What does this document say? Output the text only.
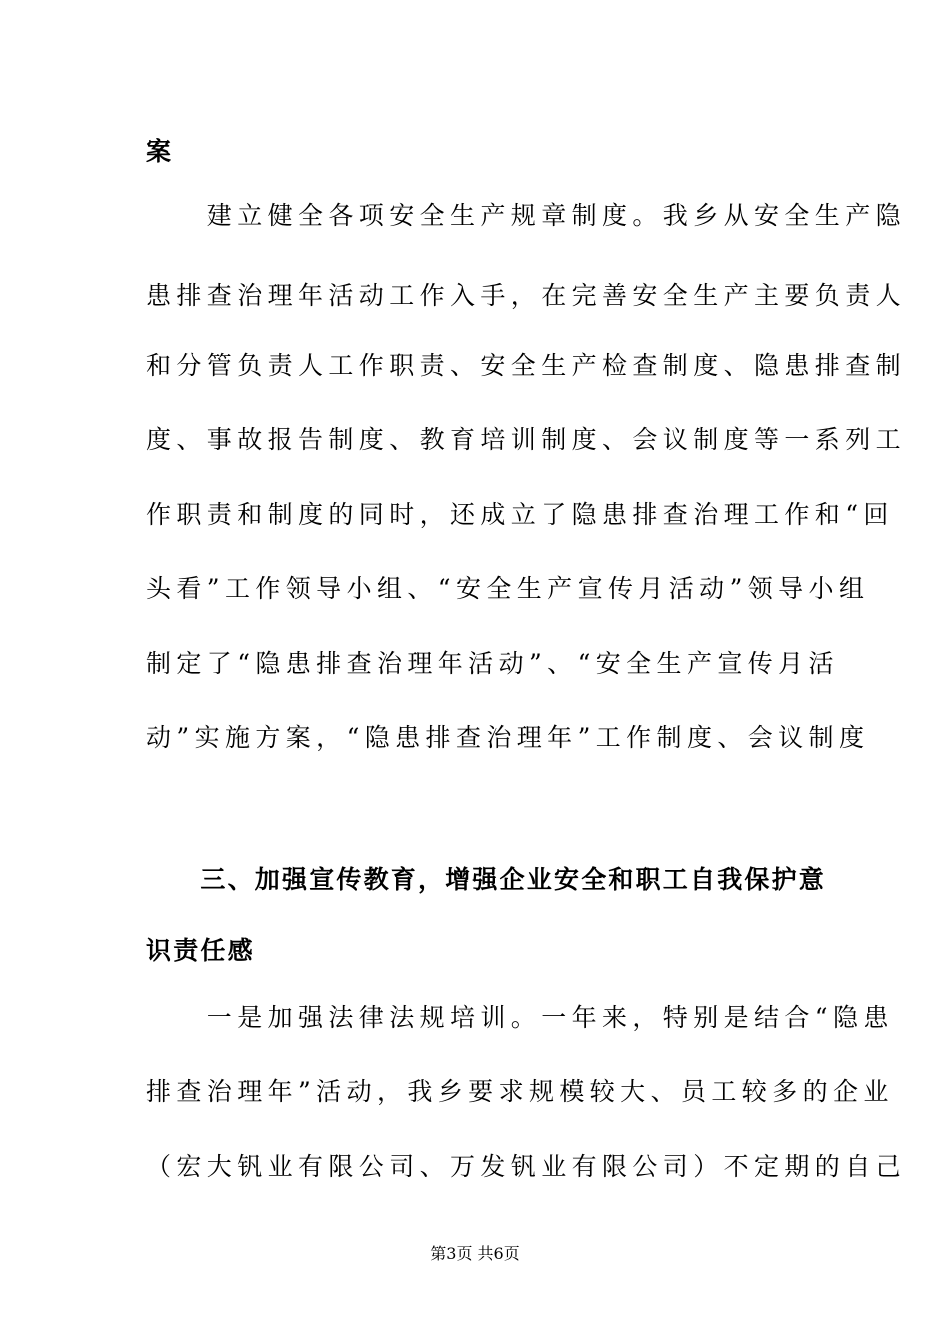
案
　　建立健全各项安全生产规章制度。我乡从安全生产隐
患排查治理年活动工作入手，在完善安全生产主要负责人
和分管负责人工作职责、安全生产检查制度、隐患排查制
度、事故报告制度、教育培训制度、会议制度等一系列工
作职责和制度的同时，还成立了隐患排查治理工作和“回
头看”工作领导小组、“安全生产宣传月活动”领导小组
制定了“隐患排查治理年活动”、“安全生产宣传月活
动”实施方案，“隐患排查治理年”工作制度、会议制度
　　三、加强宣传教育，增强企业安全和职工自我保护意
识责任感
　　一是加强法律法规培训。一年来，特别是结合“隐患
排查治理年”活动，我乡要求规模较大、员工较多的企业
（宏大钒业有限公司、万发钒业有限公司）不定期的自己
第3页 共6页
